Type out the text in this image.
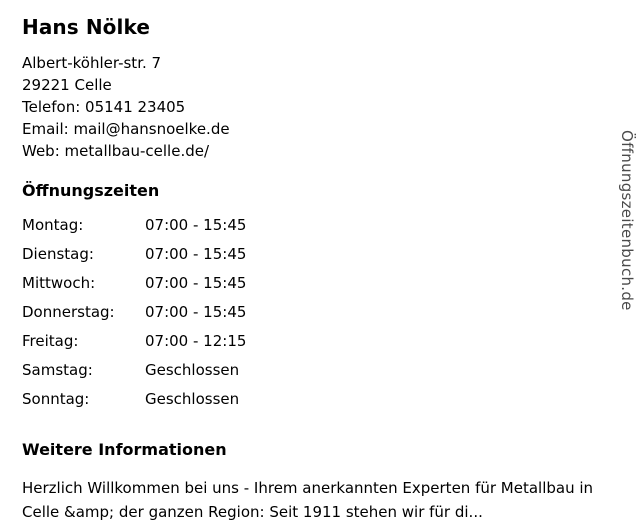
Hans Nölke
Albert-köhler-str. 7
29221 Celle
Telefon: 05141 23405
Email: mail@hansnoelke.de
Web: metallbau-celle.de/
Öffnungszeiten
Montag:	07:00 - 15:45
Dienstag:	07:00 - 15:45
Mittwoch:	07:00 - 15:45
Donnerstag:	07:00 - 15:45
Freitag:	07:00 - 12:15
Samstag:	Geschlossen
Sonntag:	Geschlossen
Weitere Informationen

Herzlich Willkommen bei uns - Ihrem anerkannten Experten für Metallbau in Celle &amp; der ganzen Region: Seit 1911 stehen wir für di...

Öffnungszeitenbuch.de
